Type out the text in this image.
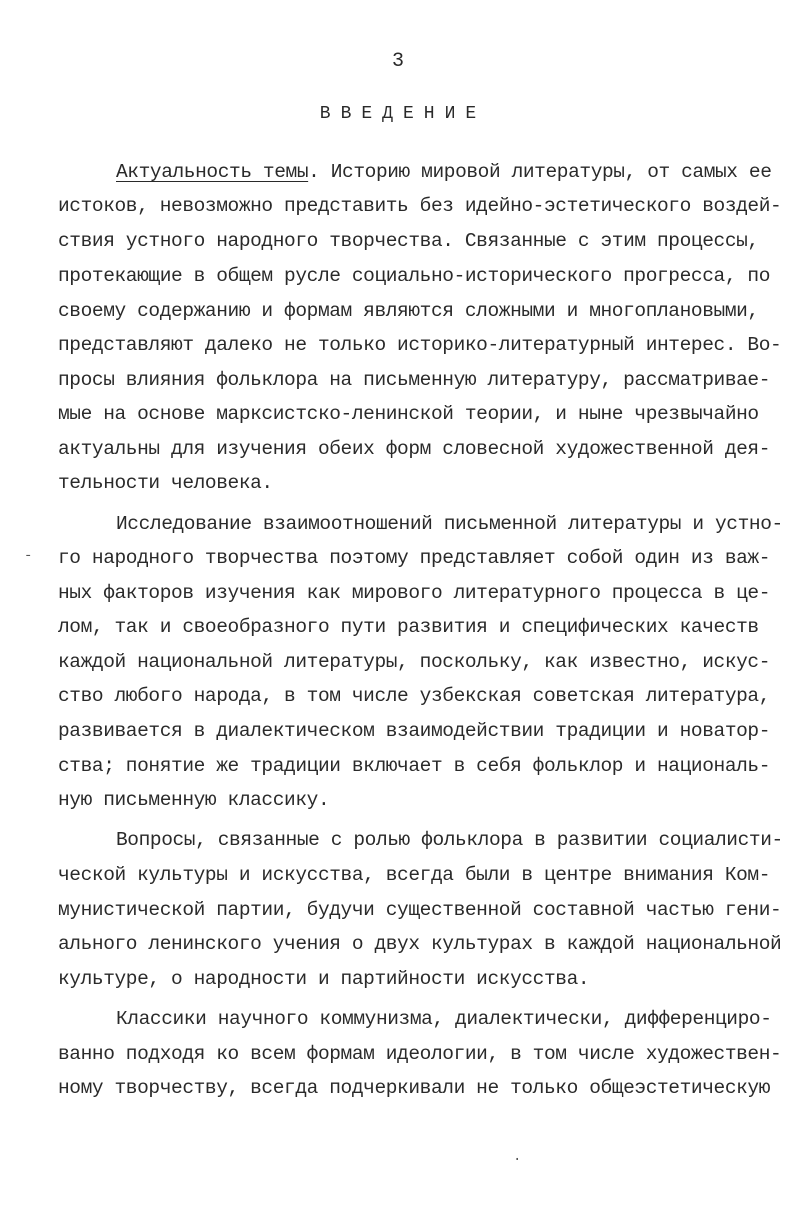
3
ВВЕДЕНИЕ
Актуальность темы. Историю мировой литературы, от самых ее
истоков, невозможно представить без идейно-эстетического воздей-
ствия устного народного творчества. Связанные с этим процессы,
протекающие в общем русле социально-исторического прогресса, по
своему содержанию и формам являются сложными и многоплановыми,
представляют далеко не только историко-литературный интерес. Во-
просы влияния фольклора на письменную литературу, рассматривае-
мые на основе марксистско-ленинской теории, и ныне чрезвычайно
актуальны для изучения обеих форм словесной художественной дея-
тельности человека.
Исследование взаимоотношений письменной литературы и устно-
го народного творчества поэтому представляет собой один из важ-
ных факторов изучения как мирового литературного процесса в це-
лом, так и своеобразного пути развития и специфических качеств
каждой национальной литературы, поскольку, как известно, искус-
ство любого народа, в том числе узбекская советская литература,
развивается в диалектическом взаимодействии традиции и новатор-
ства; понятие же традиции включает в себя фольклор и националь-
ную письменную классику.
Вопросы, связанные с ролью фольклора в развитии социалисти-
ческой культуры и искусства, всегда были в центре внимания Ком-
мунистической партии, будучи существенной составной частью гени-
ального ленинского учения о двух культурах в каждой национальной
культуре, о народности и партийности искусства.
Классики научного коммунизма, диалектически, дифференциро-
ванно подходя ко всем формам идеологии, в том числе художествен-
ному творчеству, всегда подчеркивали не только общеэстетическую
-
·
